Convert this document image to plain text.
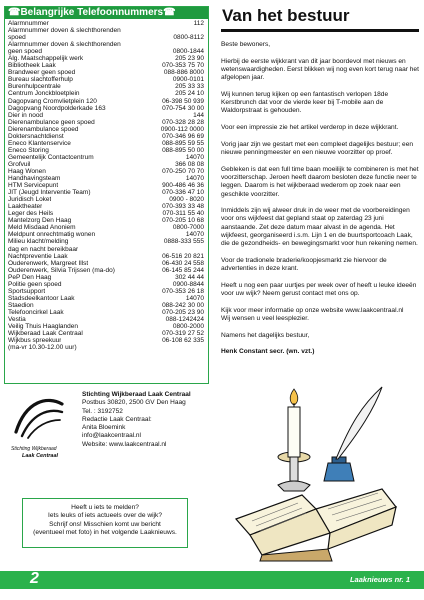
☎Belangrijke Telefoonnummers☎
Alarmnummer	112
Alarmnummer doven & slechthorenden
spoed	0800-8112
Alarmnummer doven & slechthorenden
geen spoed	0800-1844
Alg. Maatschappelijk werk	205 23 90
Bibliotheek Laak	070-353 75 70
Brandweer geen spoed	088-886 8000
Bureau slachtofferhulp	0900-0101
Burenhulpcentrale	205 33 33
Centrum Jonckbloetplein	205 24 10
Dagopvang Cromvlietplein 120	06-398 50 939
Dagopvang Noordpolderkade 163	070-754 30 00
Dier in nood	144
Dierenambulance geen spoed	070-328 28 28
Dierenambulance spoed	0900-112 0000
Doktersnachtdienst	070-346 96 69
Eneco Klantenservice	088-895 59 55
Eneco Storing	088-895 50 00
Gemeentelijk Contactcentrum	14070
Grofvuil	366 08 08
Haag Wonen	070-250 70 70
Handhavingsteam	14070
HTM Servicepunt	900-486 46 36
JIT (Jeugd Interventie Team)	070-336 47 10
Juridisch Loket	0900 - 8020
Laaktheater	070-393 33 48
Leger des Heils	070-311 55 40
Mantelzorg Den Haag	070-205 10 68
Meld Misdaad Anoniem	0800-7000
Meldpunt onrechtmatig wonen	14070
Milieu klacht/melding	0888-333 555
dag en nacht bereikbaar
Nachtpreventie Laak	06-516 20 821
Ouderenwerk, Margreet Illst	06-430 24 558
Ouderenwerk, Silvia Trijssen (ma-do)	06-145 85 244
PeP Den Haag	302 44 44
Politie geen spoed	0900-8844
Sportsupport	070-353 26 18
Stadsdeelkantoor Laak	14070
Staedion	088-242 30 00
Telefooncirkel Laak	070-205 23 90
Vestia	088-1242424
Veilig Thuis Haaglanden	0800-2000
Wijkberaad Laak Centraal	070-319 27 52
Wijkbus spreekuur	06-108 62 335
(ma-vr 10.30-12.00 uur)
Stichting Wijkberaad
Laak Centraal
Stichting Wijkberaad Laak Centraal
Postbus 30820, 2500 GV Den Haag
Tel. : 3192752
Redactie Laak Centraal:
Anita Bloemink
info@laakcentraal.nl
Website: www.laakcentraal.nl
Heeft u iets te melden?
Iets leuks of iets actueels over de wijk?
Schrijf ons! Misschien komt uw bericht
(eventueel met foto) in het volgende Laaknieuws.
Van het bestuur

Beste bewoners,

Hierbij de eerste wijkkrant van dit jaar boordevol met nieuws en wetenswaardigheden. Eerst blikken wij nog even kort terug naar het afgelopen jaar.

Wij kunnen terug kijken op een fantastisch verlopen 18de Kerstbrunch dat voor de vierde keer bij T-mobile aan de Waldorpstraat is gehouden.

Voor een impressie zie het artikel verderop in deze wijkkrant.

Vorig jaar zijn we gestart met een compleet dagelijks bestuur; een nieuwe penningmeester en een nieuwe voorzitter op proef.

Gebleken is dat een full time baan moeilijk te combineren is met het voorzitterschap. Jeroen heeft daarom besloten deze functie neer te leggen. Daarom is het wijkberaad wederom op zoek naar een geschikte voorzitter.

Inmiddels zijn wij alweer druk in de weer met de voorbereidingen voor ons wijkfeest dat gepland staat op zaterdag 23 juni aanstaande. Zet deze datum maar alvast in de agenda. Het wijkfeest, georganiseerd i.s.m. Lijn 1 en de buurtsportcoach Laak, die de gezondheids- en bewegingsmarkt voor hun rekening nemen.

Voor de tradionele braderie/koopjesmarkt zie hiervoor de advertenties in deze krant.

Heeft u nog een paar uurtjes per week over of heeft u leuke ideeën voor uw wijk? Neem gerust contact met ons op.

Kijk voor meer informatie op onze website www.laakcentraal.nl
Wij wensen u veel leesplezier.

Namens het dagelijks bestuur,

Henk Constant secr. (wn. vzt.)

2	Laaknieuws nr. 1
